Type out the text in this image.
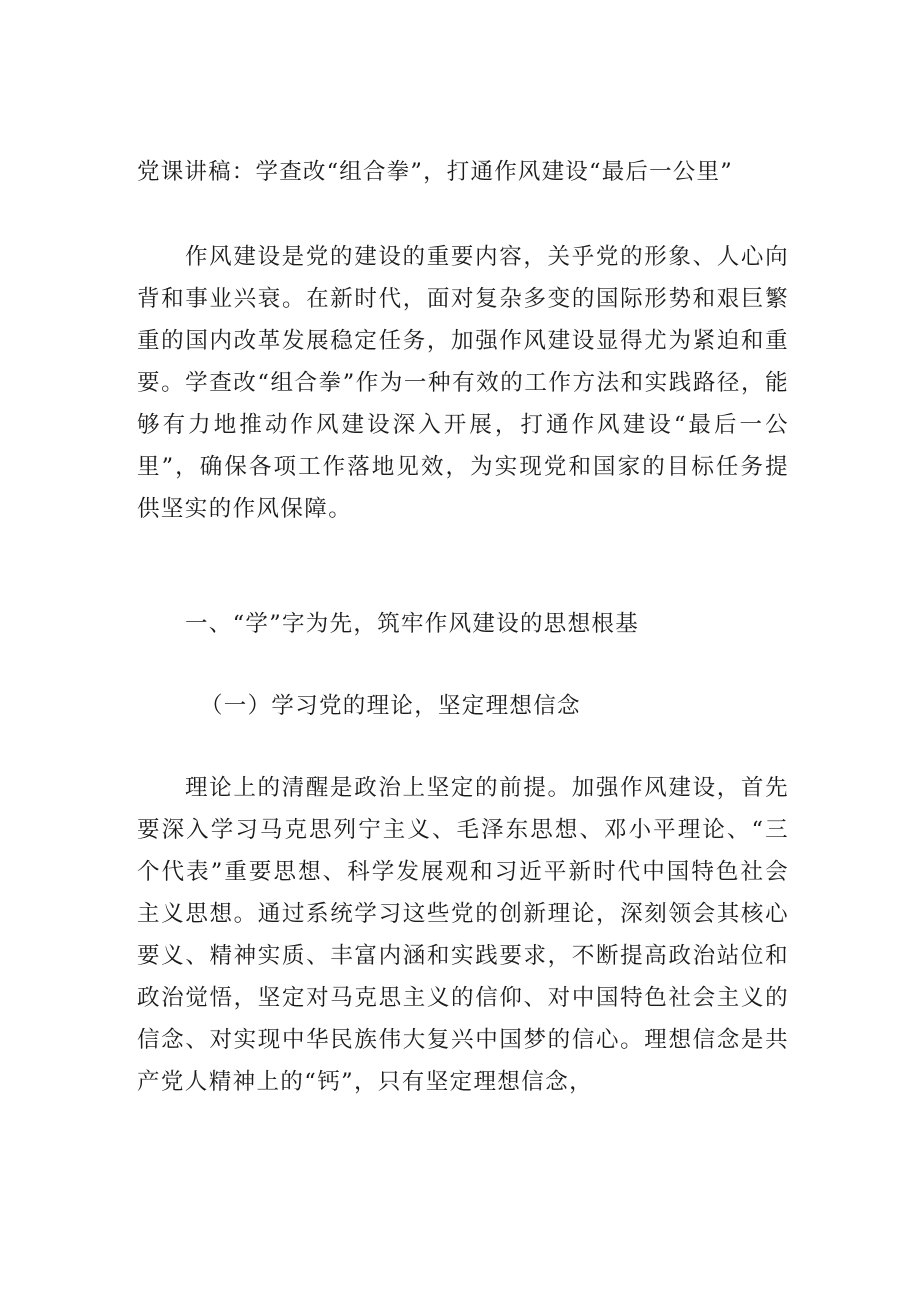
党课讲稿：学查改“组合拳”，打通作风建设“最后一公里”

作风建设是党的建设的重要内容，关乎党的形象、人心向背和事业兴衰。在新时代，面对复杂多变的国际形势和艰巨繁重的国内改革发展稳定任务，加强作风建设显得尤为紧迫和重要。学查改“组合拳”作为一种有效的工作方法和实践路径，能够有力地推动作风建设深入开展，打通作风建设“最后一公里”，确保各项工作落地见效，为实现党和国家的目标任务提供坚实的作风保障。

一、“学”字为先，筑牢作风建设的思想根基
（一）学习党的理论，坚定理想信念

理论上的清醒是政治上坚定的前提。加强作风建设，首先要深入学习马克思列宁主义、毛泽东思想、邓小平理论、“三个代表”重要思想、科学发展观和习近平新时代中国特色社会主义思想。通过系统学习这些党的创新理论，深刻领会其核心要义、精神实质、丰富内涵和实践要求，不断提高政治站位和政治觉悟，坚定对马克思主义的信仰、对中国特色社会主义的信念、对实现中华民族伟大复兴中国梦的信心。理想信念是共产党人精神上的“钙”，只有坚定理想信念，
